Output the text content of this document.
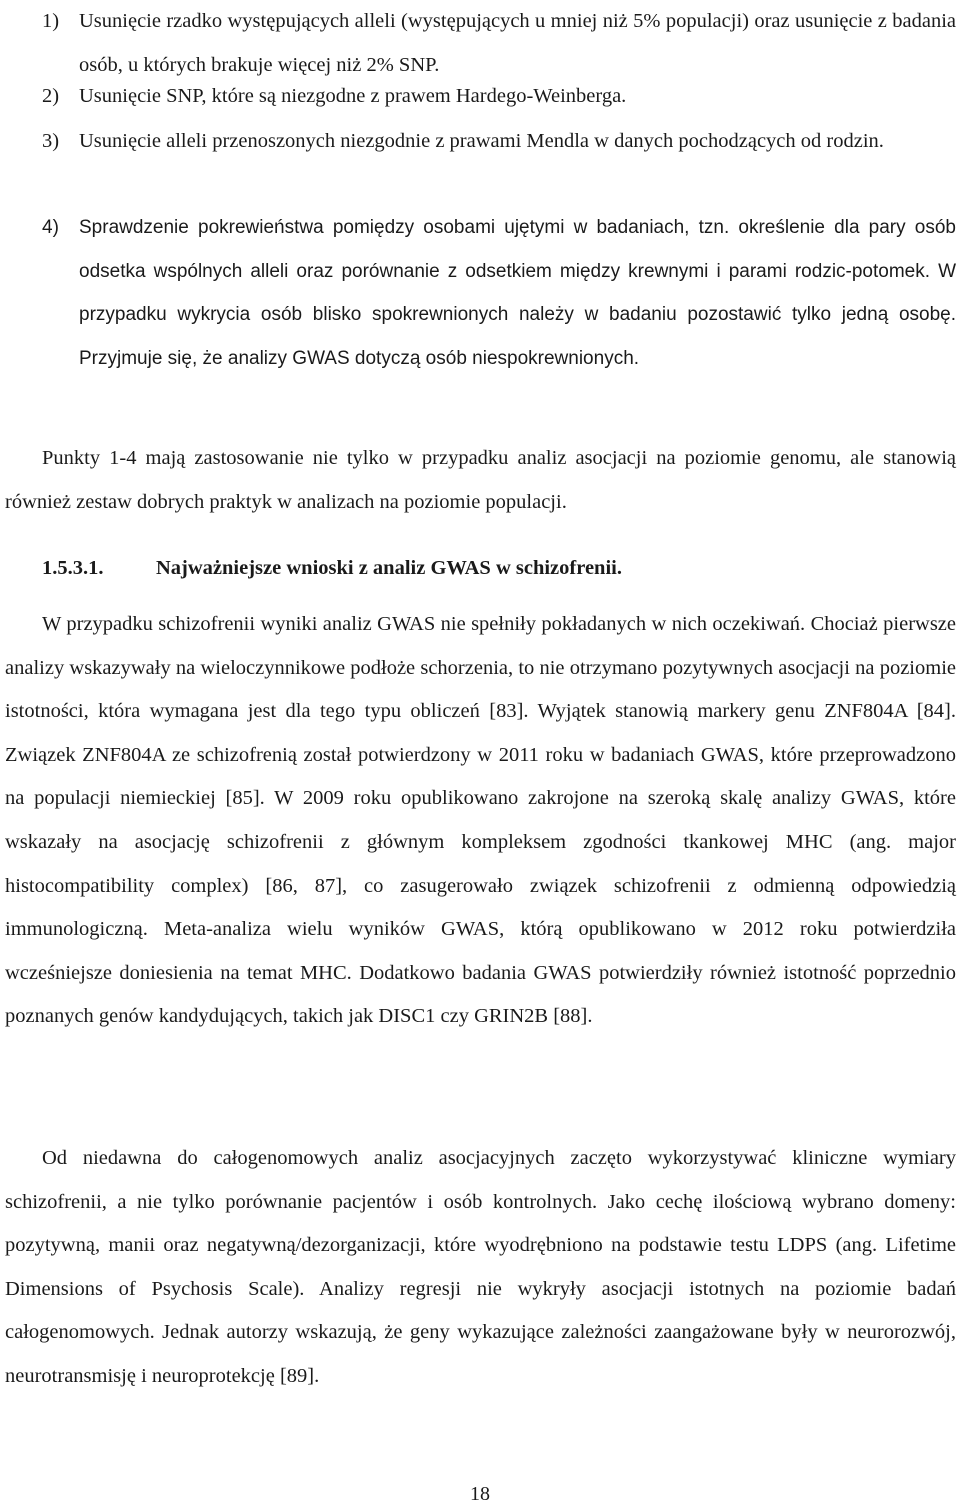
1) Usunięcie rzadko występujących alleli (występujących u mniej niż 5% populacji) oraz usunięcie z badania osób, u których brakuje więcej niż 2% SNP.
2) Usunięcie SNP, które są niezgodne z prawem Hardego-Weinberga.
3) Usunięcie alleli przenoszonych niezgodnie z prawami Mendla w danych pochodzących od rodzin.
4) Sprawdzenie pokrewieństwa pomiędzy osobami ujętymi w badaniach, tzn. określenie dla pary osób odsetka wspólnych alleli oraz porównanie z odsetkiem między krewnymi i parami rodzic-potomek. W przypadku wykrycia osób blisko spokrewnionych należy w badaniu pozostawić tylko jedną osobę. Przyjmuje się, że analizy GWAS dotyczą osób niespokrewnionych.

Punkty 1-4 mają zastosowanie nie tylko w przypadku analiz asocjacji na poziomie genomu, ale stanowią również zestaw dobrych praktyk w analizach na poziomie populacji.

1.5.3.1.	Najważniejsze wnioski z analiz GWAS w schizofrenii.

W przypadku schizofrenii wyniki analiz GWAS nie spełniły pokładanych w nich oczekiwań. Chociaż pierwsze analizy wskazywały na wieloczynnikowe podłoże schorzenia, to nie otrzymano pozytywnych asocjacji na poziomie istotności, która wymagana jest dla tego typu obliczeń [83]. Wyjątek stanowią markery genu ZNF804A [84]. Związek ZNF804A ze schizofrenią został potwierdzony w 2011 roku w badaniach GWAS, które przeprowadzono na populacji niemieckiej [85]. W 2009 roku opublikowano zakrojone na szeroką skalę analizy GWAS, które wskazały na asocjację schizofrenii z głównym kompleksem zgodności tkankowej MHC (ang. major histocompatibility complex) [86, 87], co zasugerowało związek schizofrenii z odmienną odpowiedzią immunologiczną. Meta-analiza wielu wyników GWAS, którą opublikowano w 2012 roku potwierdziła wcześniejsze doniesienia na temat MHC. Dodatkowo badania GWAS potwierdziły również istotność poprzednio poznanych genów kandydujących, takich jak DISC1 czy GRIN2B [88].

Od niedawna do całogenomowych analiz asocjacyjnych zaczęto wykorzystywać kliniczne wymiary schizofrenii, a nie tylko porównanie pacjentów i osób kontrolnych. Jako cechę ilościową wybrano domeny: pozytywną, manii oraz negatywną/dezorganizacji, które wyodrębniono na podstawie testu LDPS (ang. Lifetime Dimensions of Psychosis Scale). Analizy regresji nie wykryły asocjacji istotnych na poziomie badań całogenomowych. Jednak autorzy wskazują, że geny wykazujące zależności zaangażowane były w neurorozwój, neurotransmisję i neuroprotekcję [89].

18
